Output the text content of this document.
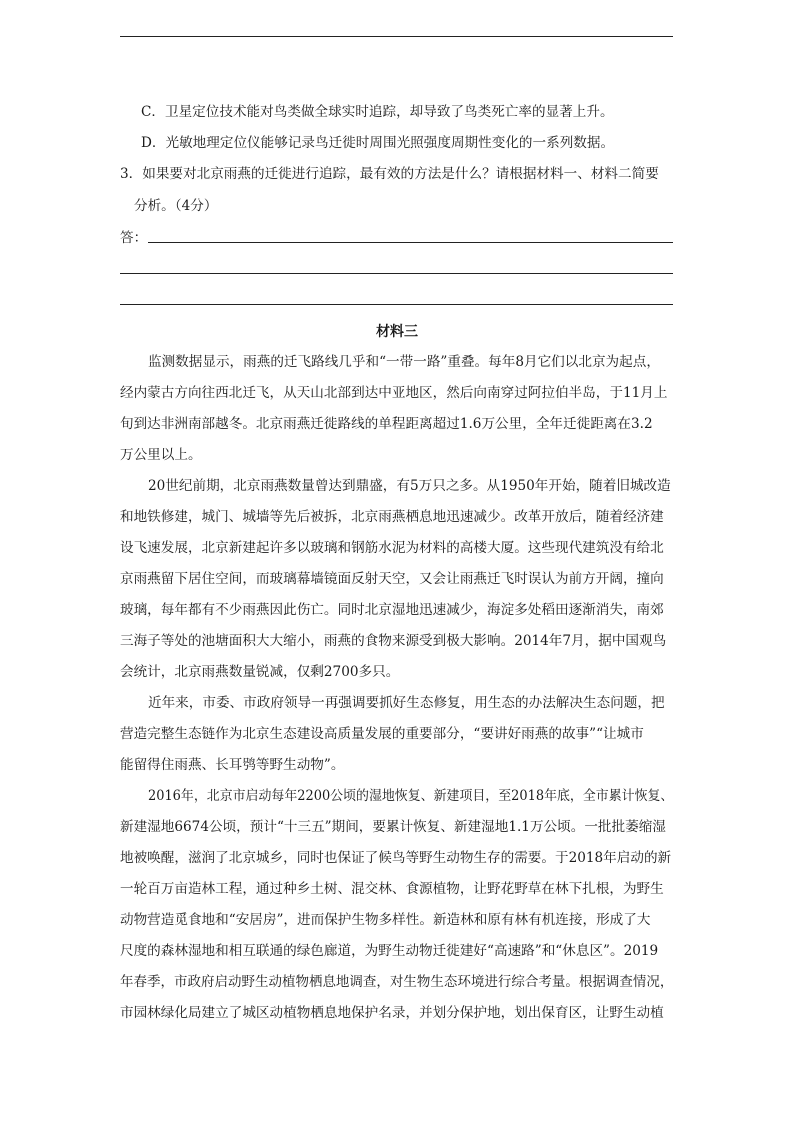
C．卫星定位技术能对鸟类做全球实时追踪，却导致了鸟类死亡率的显著上升。
D．光敏地理定位仪能够记录鸟迁徙时周围光照强度周期性变化的一系列数据。
3．如果要对北京雨燕的迁徙进行追踪，最有效的方法是什么？请根据材料一、材料二简要
分析。（4分）
答：
材料三
监测数据显示，雨燕的迁飞路线几乎和“一带一路”重叠。每年8月它们以北京为起点，
经内蒙古方向往西北迁飞，从天山北部到达中亚地区，然后向南穿过阿拉伯半岛，于11月上
旬到达非洲南部越冬。北京雨燕迁徙路线的单程距离超过1.6万公里，全年迁徙距离在3.2
万公里以上。
20世纪前期，北京雨燕数量曾达到鼎盛，有5万只之多。从1950年开始，随着旧城改造
和地铁修建，城门、城墙等先后被拆，北京雨燕栖息地迅速减少。改革开放后，随着经济建
设飞速发展，北京新建起许多以玻璃和钢筋水泥为材料的高楼大厦。这些现代建筑没有给北
京雨燕留下居住空间，而玻璃幕墙镜面反射天空，又会让雨燕迁飞时误认为前方开阔，撞向
玻璃，每年都有不少雨燕因此伤亡。同时北京湿地迅速减少，海淀多处稻田逐渐消失，南郊
三海子等处的池塘面积大大缩小，雨燕的食物来源受到极大影响。2014年7月，据中国观鸟
会统计，北京雨燕数量锐减，仅剩2700多只。
近年来，市委、市政府领导一再强调要抓好生态修复，用生态的办法解决生态问题，把
营造完整生态链作为北京生态建设高质量发展的重要部分，“要讲好雨燕的故事”“让城市
能留得住雨燕、长耳鸮等野生动物”。
2016年，北京市启动每年2200公顷的湿地恢复、新建项目，至2018年底，全市累计恢复、
新建湿地6674公顷，预计“十三五”期间，要累计恢复、新建湿地1.1万公顷。一批批萎缩湿
地被唤醒，滋润了北京城乡，同时也保证了候鸟等野生动物生存的需要。于2018年启动的新
一轮百万亩造林工程，通过种乡土树、混交林、食源植物，让野花野草在林下扎根，为野生
动物营造觅食地和“安居房”，进而保护生物多样性。新造林和原有林有机连接，形成了大
尺度的森林湿地和相互联通的绿色廊道，为野生动物迁徙建好“高速路”和“休息区”。2019
年春季，市政府启动野生动植物栖息地调查，对生物生态环境进行综合考量。根据调查情况，
市园林绿化局建立了城区动植物栖息地保护名录，并划分保护地，划出保育区，让野生动植
